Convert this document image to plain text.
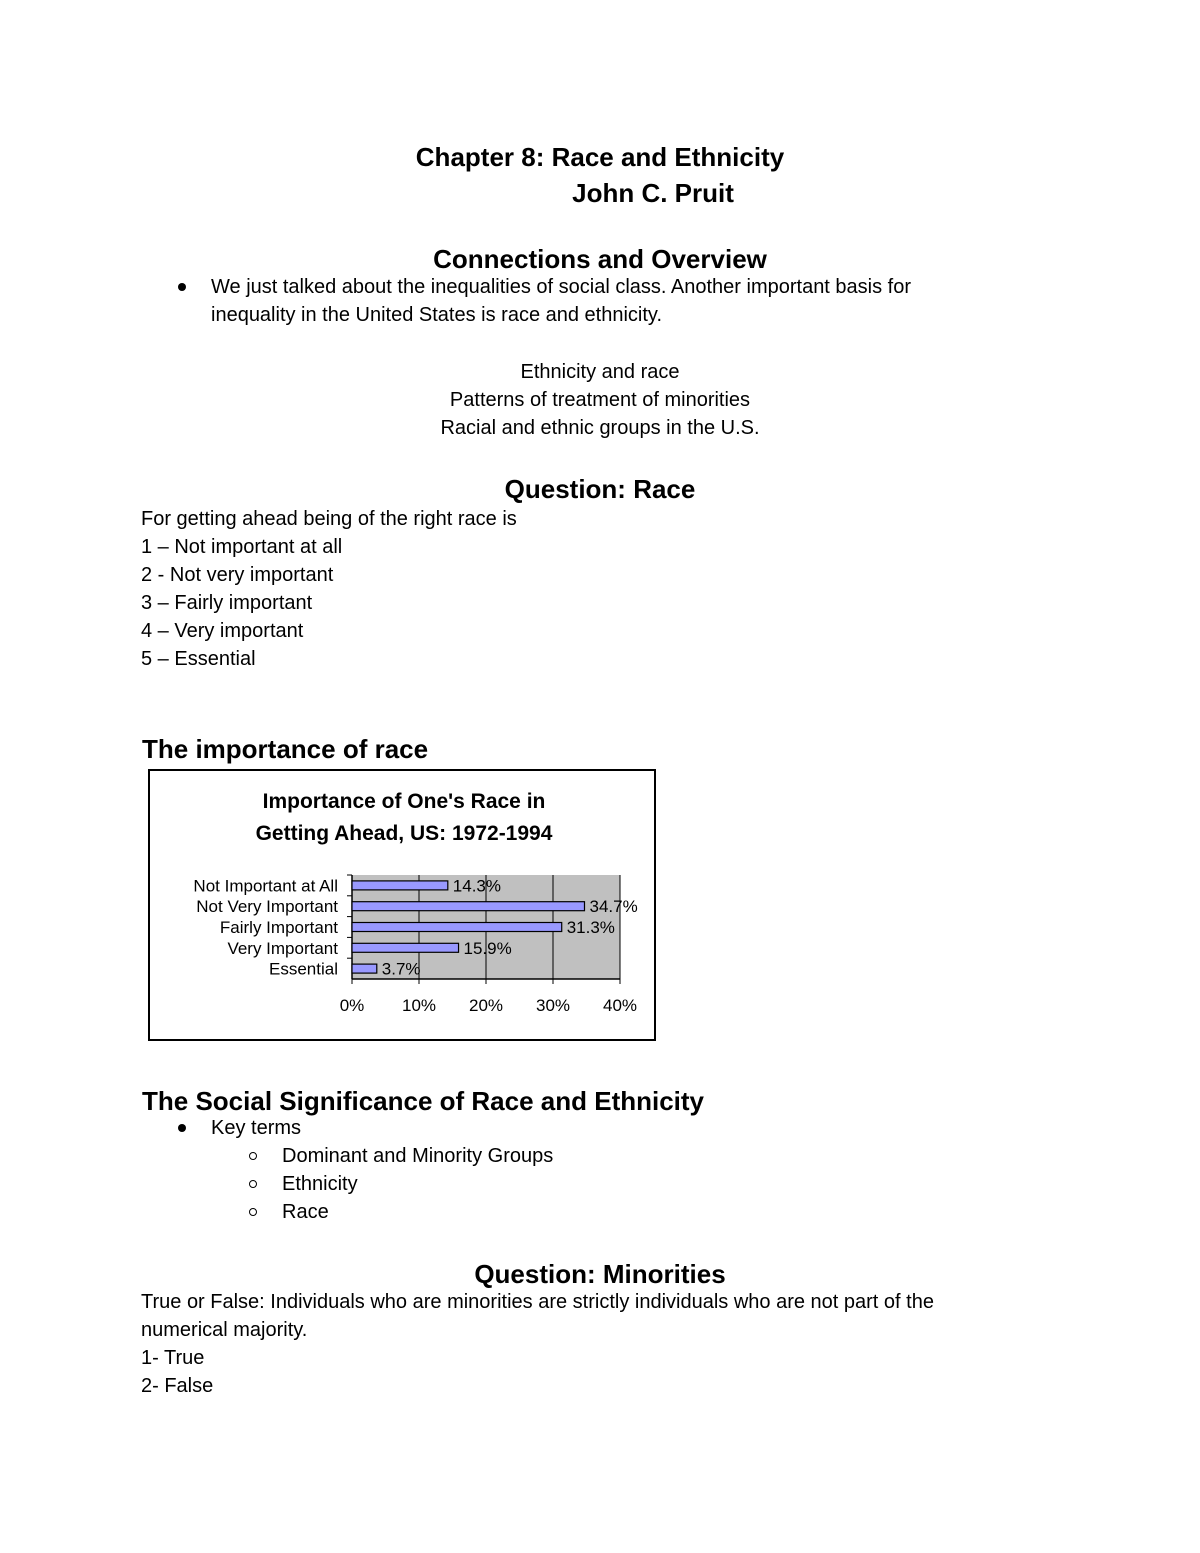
Chapter 8: Race and Ethnicity
John C. Pruit
Connections and Overview
We just talked about the inequalities of social class. Another important basis for
inequality in the United States is race and ethnicity.
Ethnicity and race
Patterns of treatment of minorities
Racial and ethnic groups in the U.S.
Question: Race
For getting ahead being of the right race is
1 – Not important at all
2 - Not very important
3 – Fairly important
4 – Very important
5 – Essential
The importance of race
Importance of One's Race in
Getting Ahead, US: 1972-1994
0% 10% 20% 30% 40%
Not Important at All	14.3%
Not Very Important	34.7%
Fairly Important	31.3%
Very Important	15.9%
Essential	3.7%
The Social Significance of Race and Ethnicity
Key terms
Dominant and Minority Groups
Ethnicity
Race
Question: Minorities
True or False: Individuals who are minorities are strictly individuals who are not part of the
numerical majority.
1- True
2- False
